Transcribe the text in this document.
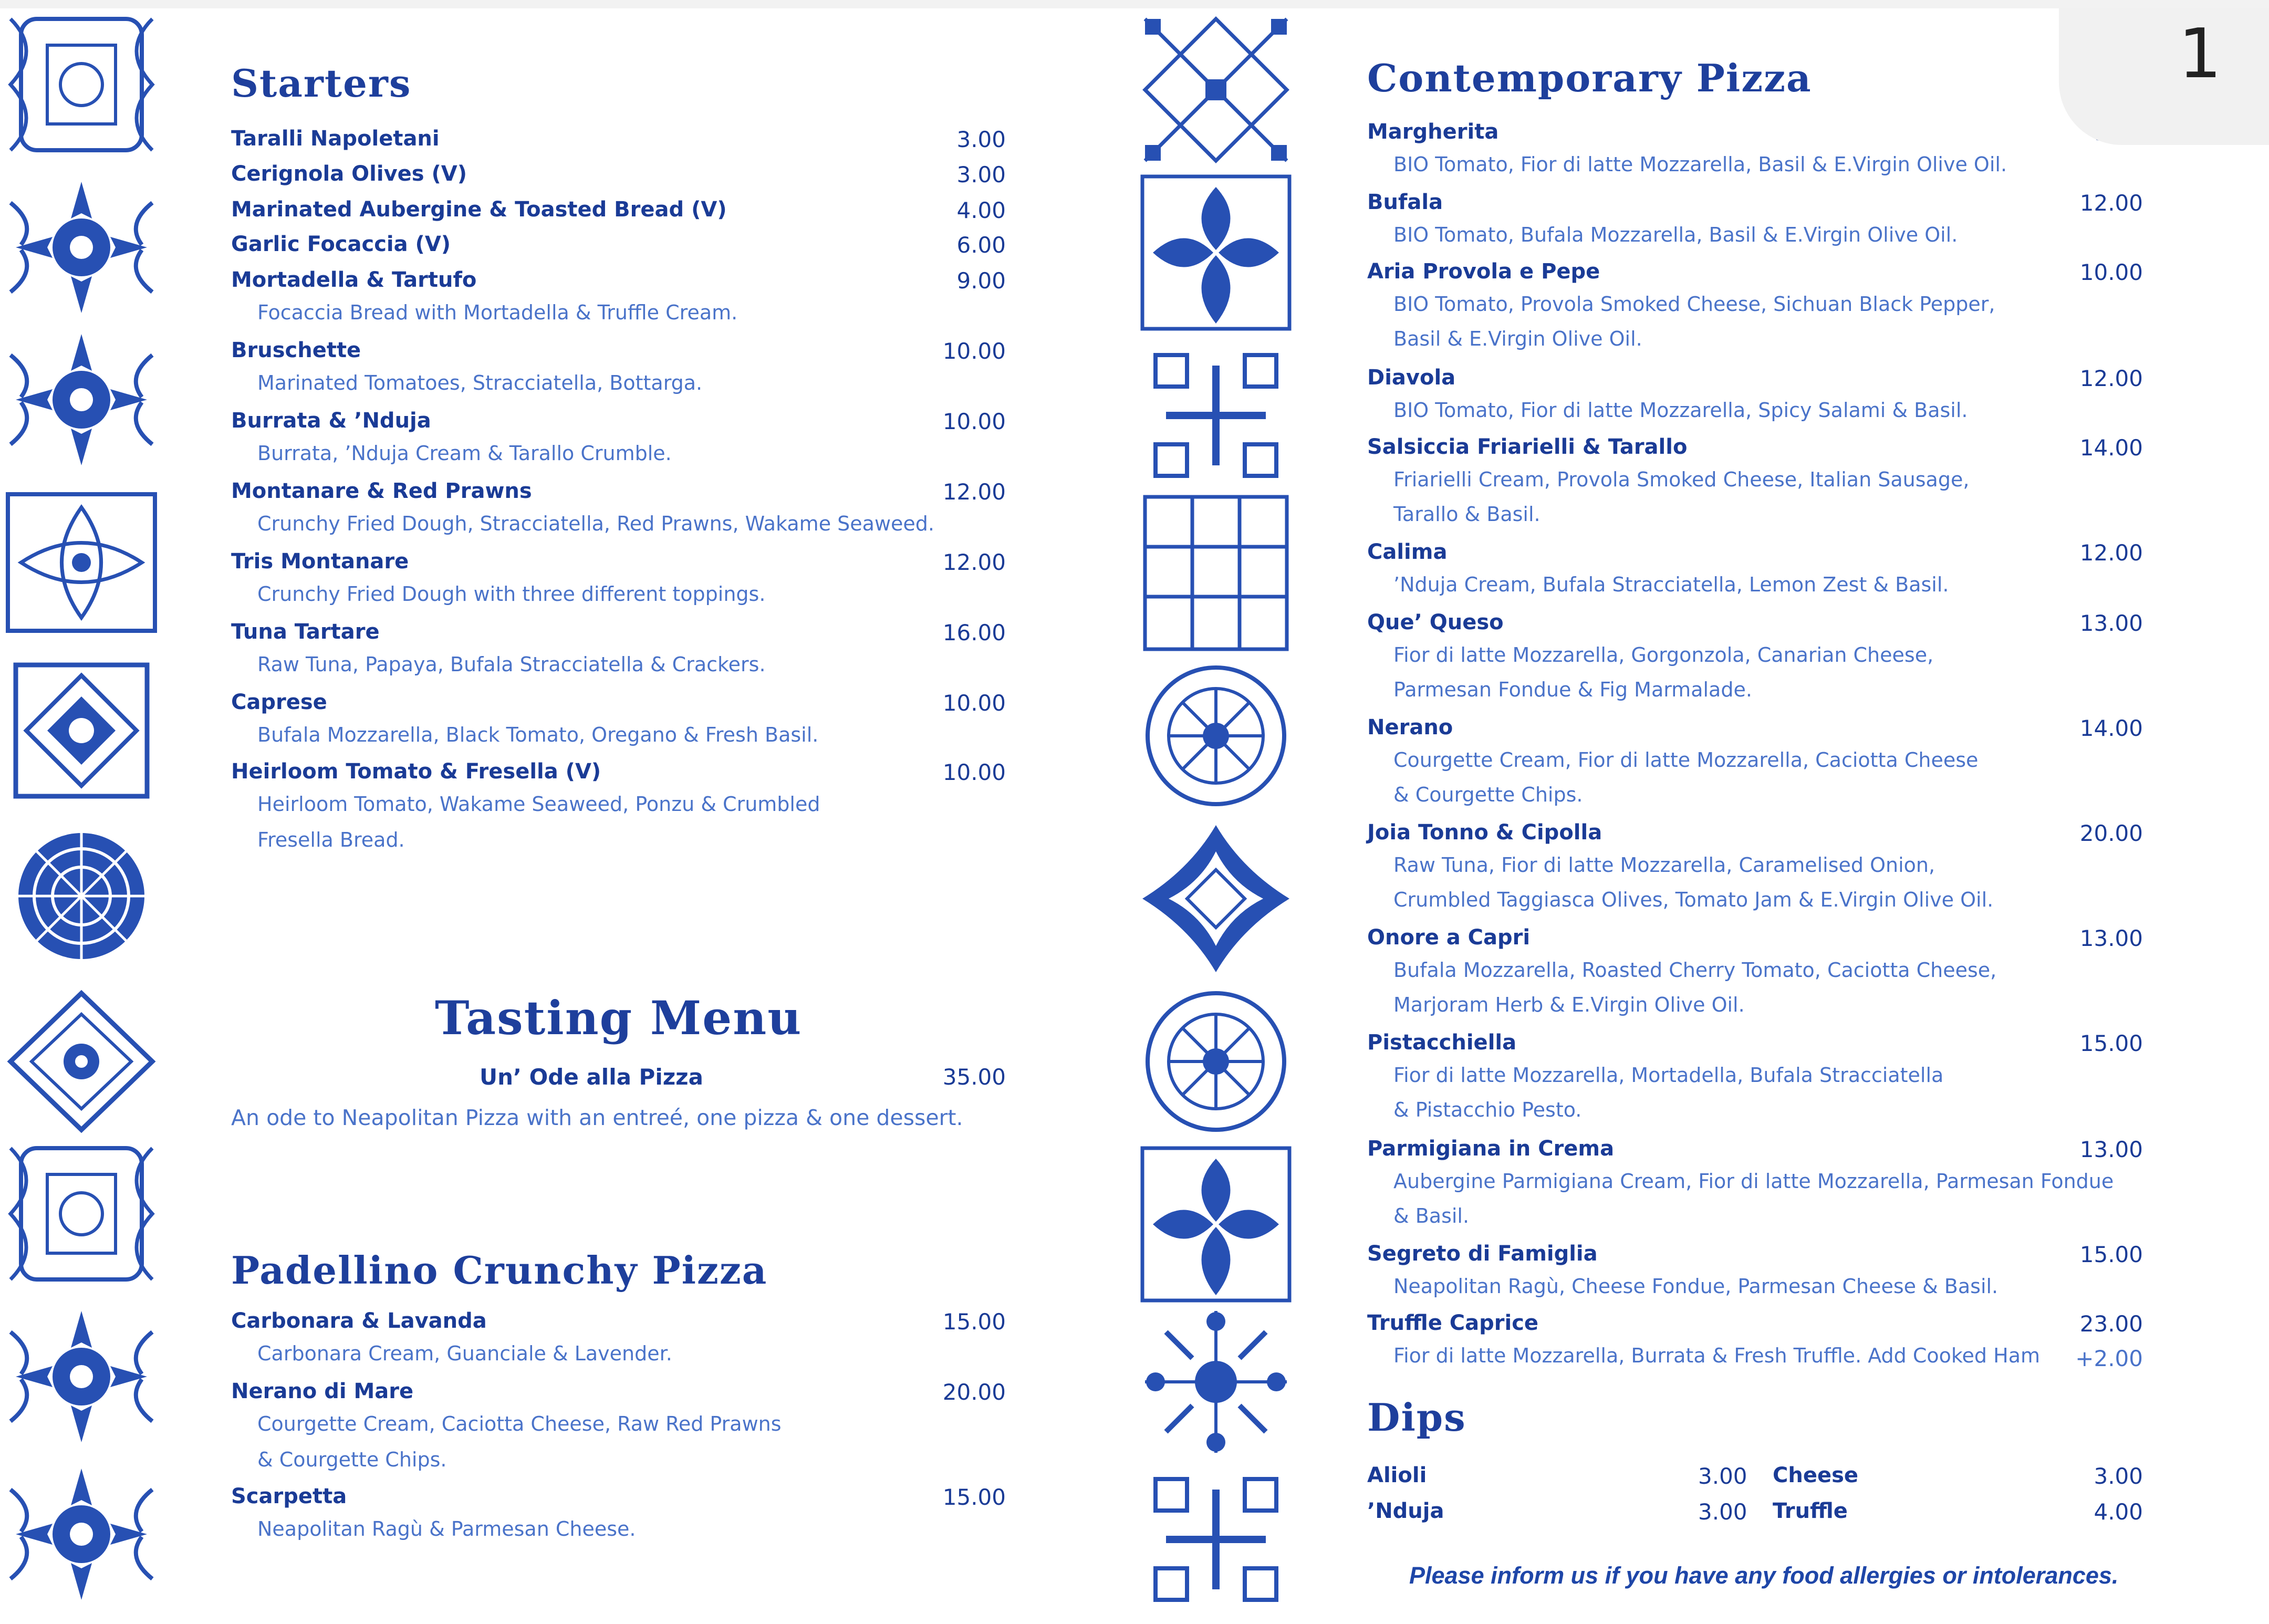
Starters
Taralli Napoletani	3.00
Cerignola Olives (V)	3.00
Marinated Aubergine & Toasted Bread (V)	4.00
Garlic Focaccia (V)	6.00
Mortadella & Tartufo	9.00
Focaccia Bread with Mortadella & Truffle Cream.
Bruschette	10.00
Marinated Tomatoes, Stracciatella, Bottarga.
Burrata & ’Nduja	10.00
Burrata, ’Nduja Cream & Tarallo Crumble.
Montanare & Red Prawns	12.00
Crunchy Fried Dough, Stracciatella, Red Prawns, Wakame Seaweed.
Tris Montanare	12.00
Crunchy Fried Dough with three different toppings.
Tuna Tartare	16.00
Raw Tuna, Papaya, Bufala Stracciatella & Crackers.
Caprese	10.00
Bufala Mozzarella, Black Tomato, Oregano & Fresh Basil.
Heirloom Tomato & Fresella (V)	10.00
Heirloom Tomato, Wakame Seaweed, Ponzu & Crumbled
Fresella Bread.
Tasting Menu
Un’ Ode alla Pizza	35.00
An ode to Neapolitan Pizza with an entreé, one pizza & one dessert.
Padellino Crunchy Pizza
Carbonara & Lavanda	15.00
Carbonara Cream, Guanciale & Lavender.
Nerano di Mare	20.00
Courgette Cream, Caciotta Cheese, Raw Red Prawns
& Courgette Chips.
Scarpetta	15.00
Neapolitan Ragù & Parmesan Cheese.
Contemporary Pizza
Margherita
BIO Tomato, Fior di latte Mozzarella, Basil & E.Virgin Olive Oil.
Bufala	12.00
BIO Tomato, Bufala Mozzarella, Basil & E.Virgin Olive Oil.
Aria Provola e Pepe	10.00
BIO Tomato, Provola Smoked Cheese, Sichuan Black Pepper,
Basil & E.Virgin Olive Oil.
Diavola	12.00
BIO Tomato, Fior di latte Mozzarella, Spicy Salami & Basil.
Salsiccia Friarielli & Tarallo	14.00
Friarielli Cream, Provola Smoked Cheese, Italian Sausage,
Tarallo & Basil.
Calima	12.00
’Nduja Cream, Bufala Stracciatella, Lemon Zest & Basil.
Que’ Queso	13.00
Fior di latte Mozzarella, Gorgonzola, Canarian Cheese,
Parmesan Fondue & Fig Marmalade.
Nerano	14.00
Courgette Cream, Fior di latte Mozzarella, Caciotta Cheese
& Courgette Chips.
Joia Tonno & Cipolla	20.00
Raw Tuna, Fior di latte Mozzarella, Caramelised Onion,
Crumbled Taggiasca Olives, Tomato Jam & E.Virgin Olive Oil.
Onore a Capri	13.00
Bufala Mozzarella, Roasted Cherry Tomato, Caciotta Cheese,
Marjoram Herb & E.Virgin Olive Oil.
Pistacchiella	15.00
Fior di latte Mozzarella, Mortadella, Bufala Stracciatella
& Pistacchio Pesto.
Parmigiana in Crema	13.00
Aubergine Parmigiana Cream, Fior di latte Mozzarella, Parmesan Fondue
& Basil.
Segreto di Famiglia	15.00
Neapolitan Ragù, Cheese Fondue, Parmesan Cheese & Basil.
Truffle Caprice	23.00
Fior di latte Mozzarella, Burrata & Fresh Truffle. Add Cooked Ham +2.00
Dips
Alioli	3.00 Cheese	3.00
’Nduja	3.00 Truffle	4.00
Please inform us if you have any food allergies or intolerances.
1
